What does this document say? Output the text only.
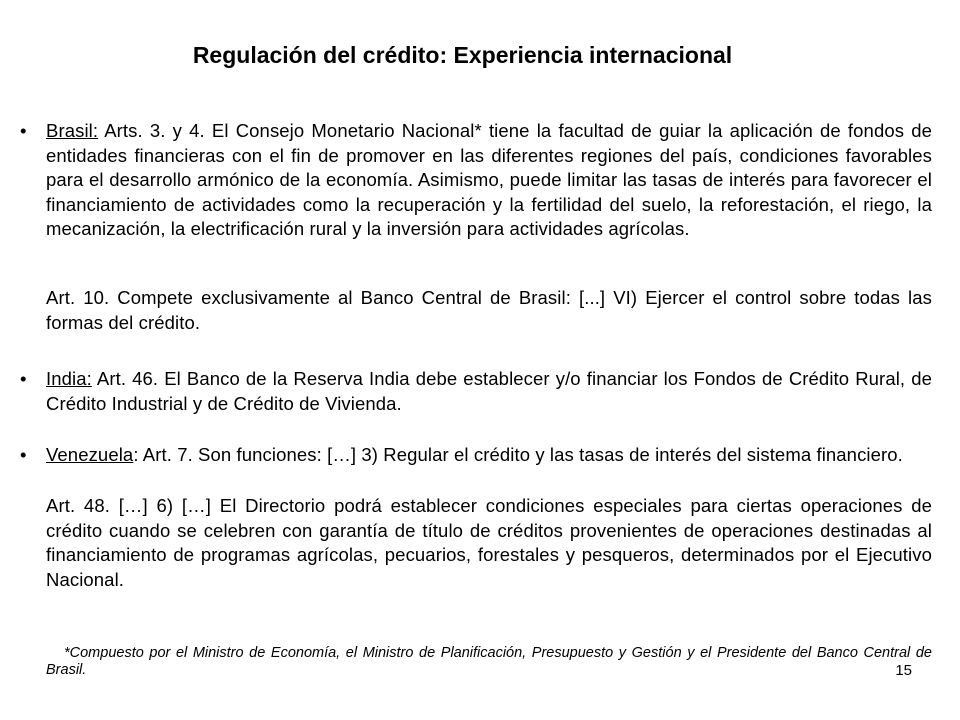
Regulación del crédito: Experiencia internacional
• Brasil: Arts. 3. y 4. El Consejo Monetario Nacional* tiene la facultad de guiar la aplicación de fondos de entidades financieras con el fin de promover en las diferentes regiones del país, condiciones favorables para el desarrollo armónico de la economía. Asimismo, puede limitar las tasas de interés para favorecer el financiamiento de actividades como la recuperación y la fertilidad del suelo, la reforestación, el riego, la mecanización, la electrificación rural y la inversión para actividades agrícolas.
Art. 10. Compete exclusivamente al Banco Central de Brasil: [...] VI) Ejercer el control sobre todas las formas del crédito.
• India: Art. 46. El Banco de la Reserva India debe establecer y/o financiar los Fondos de Crédito Rural, de Crédito Industrial y de Crédito de Vivienda.
• Venezuela: Art. 7. Son funciones: […] 3) Regular el crédito y las tasas de interés del sistema financiero.
Art. 48. […] 6) […] El Directorio podrá establecer condiciones especiales para ciertas operaciones de crédito cuando se celebren con garantía de título de créditos provenientes de operaciones destinadas al financiamiento de programas agrícolas, pecuarios, forestales y pesqueros, determinados por el Ejecutivo Nacional.
*Compuesto por el Ministro de Economía, el Ministro de Planificación, Presupuesto y Gestión y el Presidente del Banco Central de Brasil.	15
